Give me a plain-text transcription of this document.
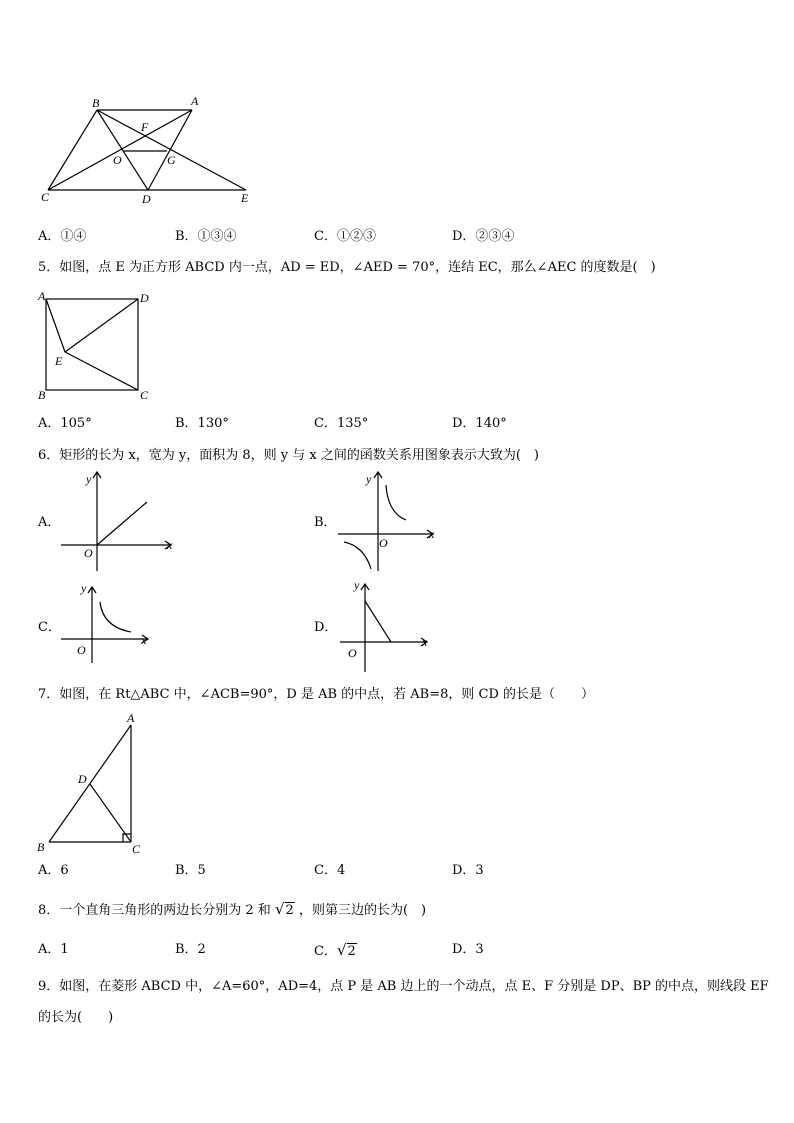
B	A
F
O	G
C	D	E
A．①④	B．①③④	C．①②③	D．②③④
5．如图，点 E 为正方形 ABCD 内一点，AD = ED，∠AED = 70°，连结 EC，那么∠AEC 的度数是(　)
A	D
E
B	C
A．105°	B．130°	C．135°	D．140°
6．矩形的长为 x，宽为 y，面积为 8，则 y 与 x 之间的函数关系用图象表示大致为(　)
A．
y
x
O
B．
y
x
O
C．
y
x
O
D．
y
x
O
7．如图，在 Rt△ABC 中，∠ACB=90°，D 是 AB 的中点，若 AB=8，则 CD 的长是（　　）
A
D
B	C
A．6	B．5	C．4	D．3
8．一个直角三角形的两边长分别为 2 和 √2 ，则第三边的长为(　)
A．1	B．2	C．√2	D．3
9．如图，在菱形 ABCD 中，∠A=60°，AD=4，点 P 是 AB 边上的一个动点，点 E、F 分别是 DP、BP 的中点，则线段 EF
的长为(　　)
